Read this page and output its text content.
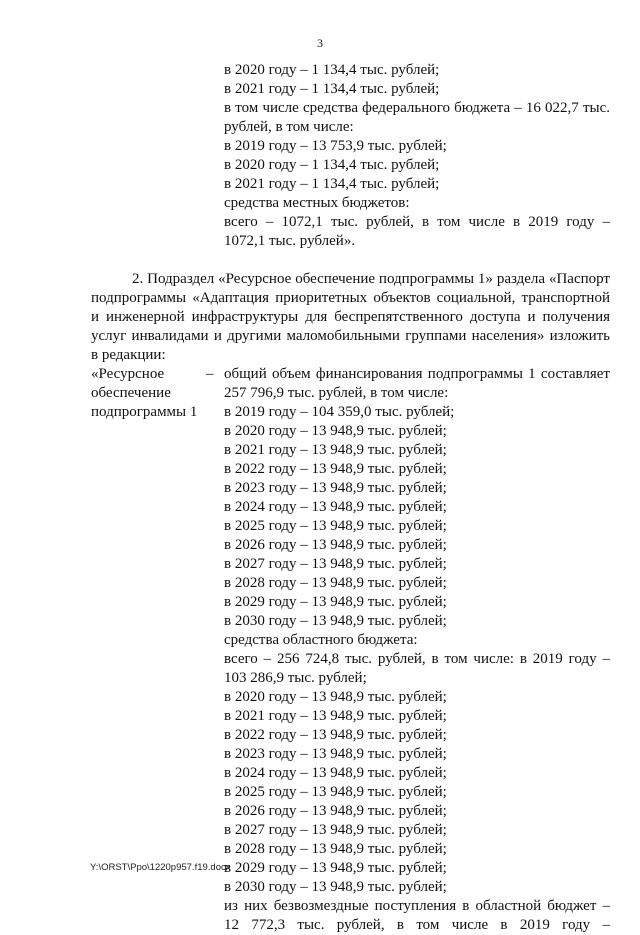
3
в 2020 году – 1 134,4 тыс. рублей;
в 2021 году – 1 134,4 тыс. рублей;
в том числе средства федерального бюджета – 16 022,7 тыс.
рублей, в том числе:
в 2019 году – 13 753,9 тыс. рублей;
в 2020 году – 1 134,4 тыс. рублей;
в 2021 году – 1 134,4 тыс. рублей;
средства местных бюджетов:
всего – 1072,1 тыс. рублей, в том числе в 2019 году –
1072,1 тыс. рублей».
2. Подраздел «Ресурсное обеспечение подпрограммы 1» раздела «Паспорт
подпрограммы «Адаптация приоритетных объектов социальной, транспортной
и инженерной инфраструктуры для беспрепятственного доступа и получения
услуг инвалидами и другими маломобильными группами населения» изложить
в редакции:
«Ресурсное
обеспечение
подпрограммы 1
– общий объем финансирования подпрограммы 1 составляет
257 796,9 тыс. рублей, в том числе:
в 2019 году – 104 359,0 тыс. рублей;
в 2020 году – 13 948,9 тыс. рублей;
в 2021 году – 13 948,9 тыс. рублей;
в 2022 году – 13 948,9 тыс. рублей;
в 2023 году – 13 948,9 тыс. рублей;
в 2024 году – 13 948,9 тыс. рублей;
в 2025 году – 13 948,9 тыс. рублей;
в 2026 году – 13 948,9 тыс. рублей;
в 2027 году – 13 948,9 тыс. рублей;
в 2028 году – 13 948,9 тыс. рублей;
в 2029 году – 13 948,9 тыс. рублей;
в 2030 году – 13 948,9 тыс. рублей;
средства областного бюджета:
всего – 256 724,8 тыс. рублей, в том числе: в 2019 году –
103 286,9 тыс. рублей;
в 2020 году – 13 948,9 тыс. рублей;
в 2021 году – 13 948,9 тыс. рублей;
в 2022 году – 13 948,9 тыс. рублей;
в 2023 году – 13 948,9 тыс. рублей;
в 2024 году – 13 948,9 тыс. рублей;
в 2025 году – 13 948,9 тыс. рублей;
в 2026 году – 13 948,9 тыс. рублей;
в 2027 году – 13 948,9 тыс. рублей;
в 2028 году – 13 948,9 тыс. рублей;
в 2029 году – 13 948,9 тыс. рублей;
в 2030 году – 13 948,9 тыс. рублей;
из них безвозмездные поступления в областной бюджет –
12 772,3 тыс. рублей, в том числе в 2019 году –
Y:\ORST\Ppo\1220p957.f19.docx
